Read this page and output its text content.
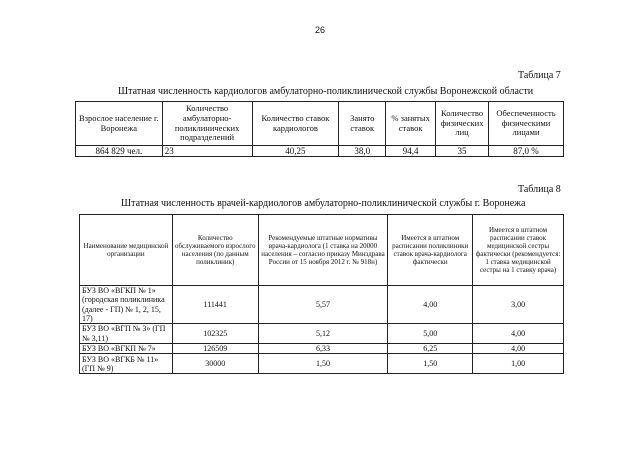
26
Таблица 7
Штатная численность кардиологов амбулаторно-поликлинической службы Воронежской области
Взрослое население г. Воронежа	Количество амбулаторно-поликлинических подразделений	Количество ставок кардиологов	Занято ставок	% занятых ставок	Количество физических лиц	Обеспеченность физическими лицами
864 829 чел.	23	40,25	38,0	94,4	35	87,0 %
Таблица 8
Штатная численность врачей-кардиологов амбулаторно-поликлинической службы г. Воронежа
Наименование медицинской организации	Количество обслуживаемого взрослого населения (по данным поликлиник)	Рекомендуемые штатные нормативы врача-кардиолога (1 ставка на 20000 населения – согласно приказу Минздрава России от 15 ноября 2012 г. № 918н)	Имеется в штатном расписании поликлиники ставок врача-кардиолога фактически	Имеется в штатном расписании ставок медицинской сестры фактически (рекомендуется: 1 ставка медицинской сестры на 1 ставку врача)
БУЗ ВО «ВГКП № 1» (городская поликлиника (далее - ГП) № 1, 2, 15, 17)	111441	5,57	4,00	3,00
БУЗ ВО «ВГП № 3» (ГП № 3,11)	102325	5,12	5,00	4,00
БУЗ ВО «ВГКП № 7»	126509	6,33	6,25	4,00
БУЗ ВО «ВГКБ № 11» (ГП № 9)	30000	1,50	1,50	1,00
